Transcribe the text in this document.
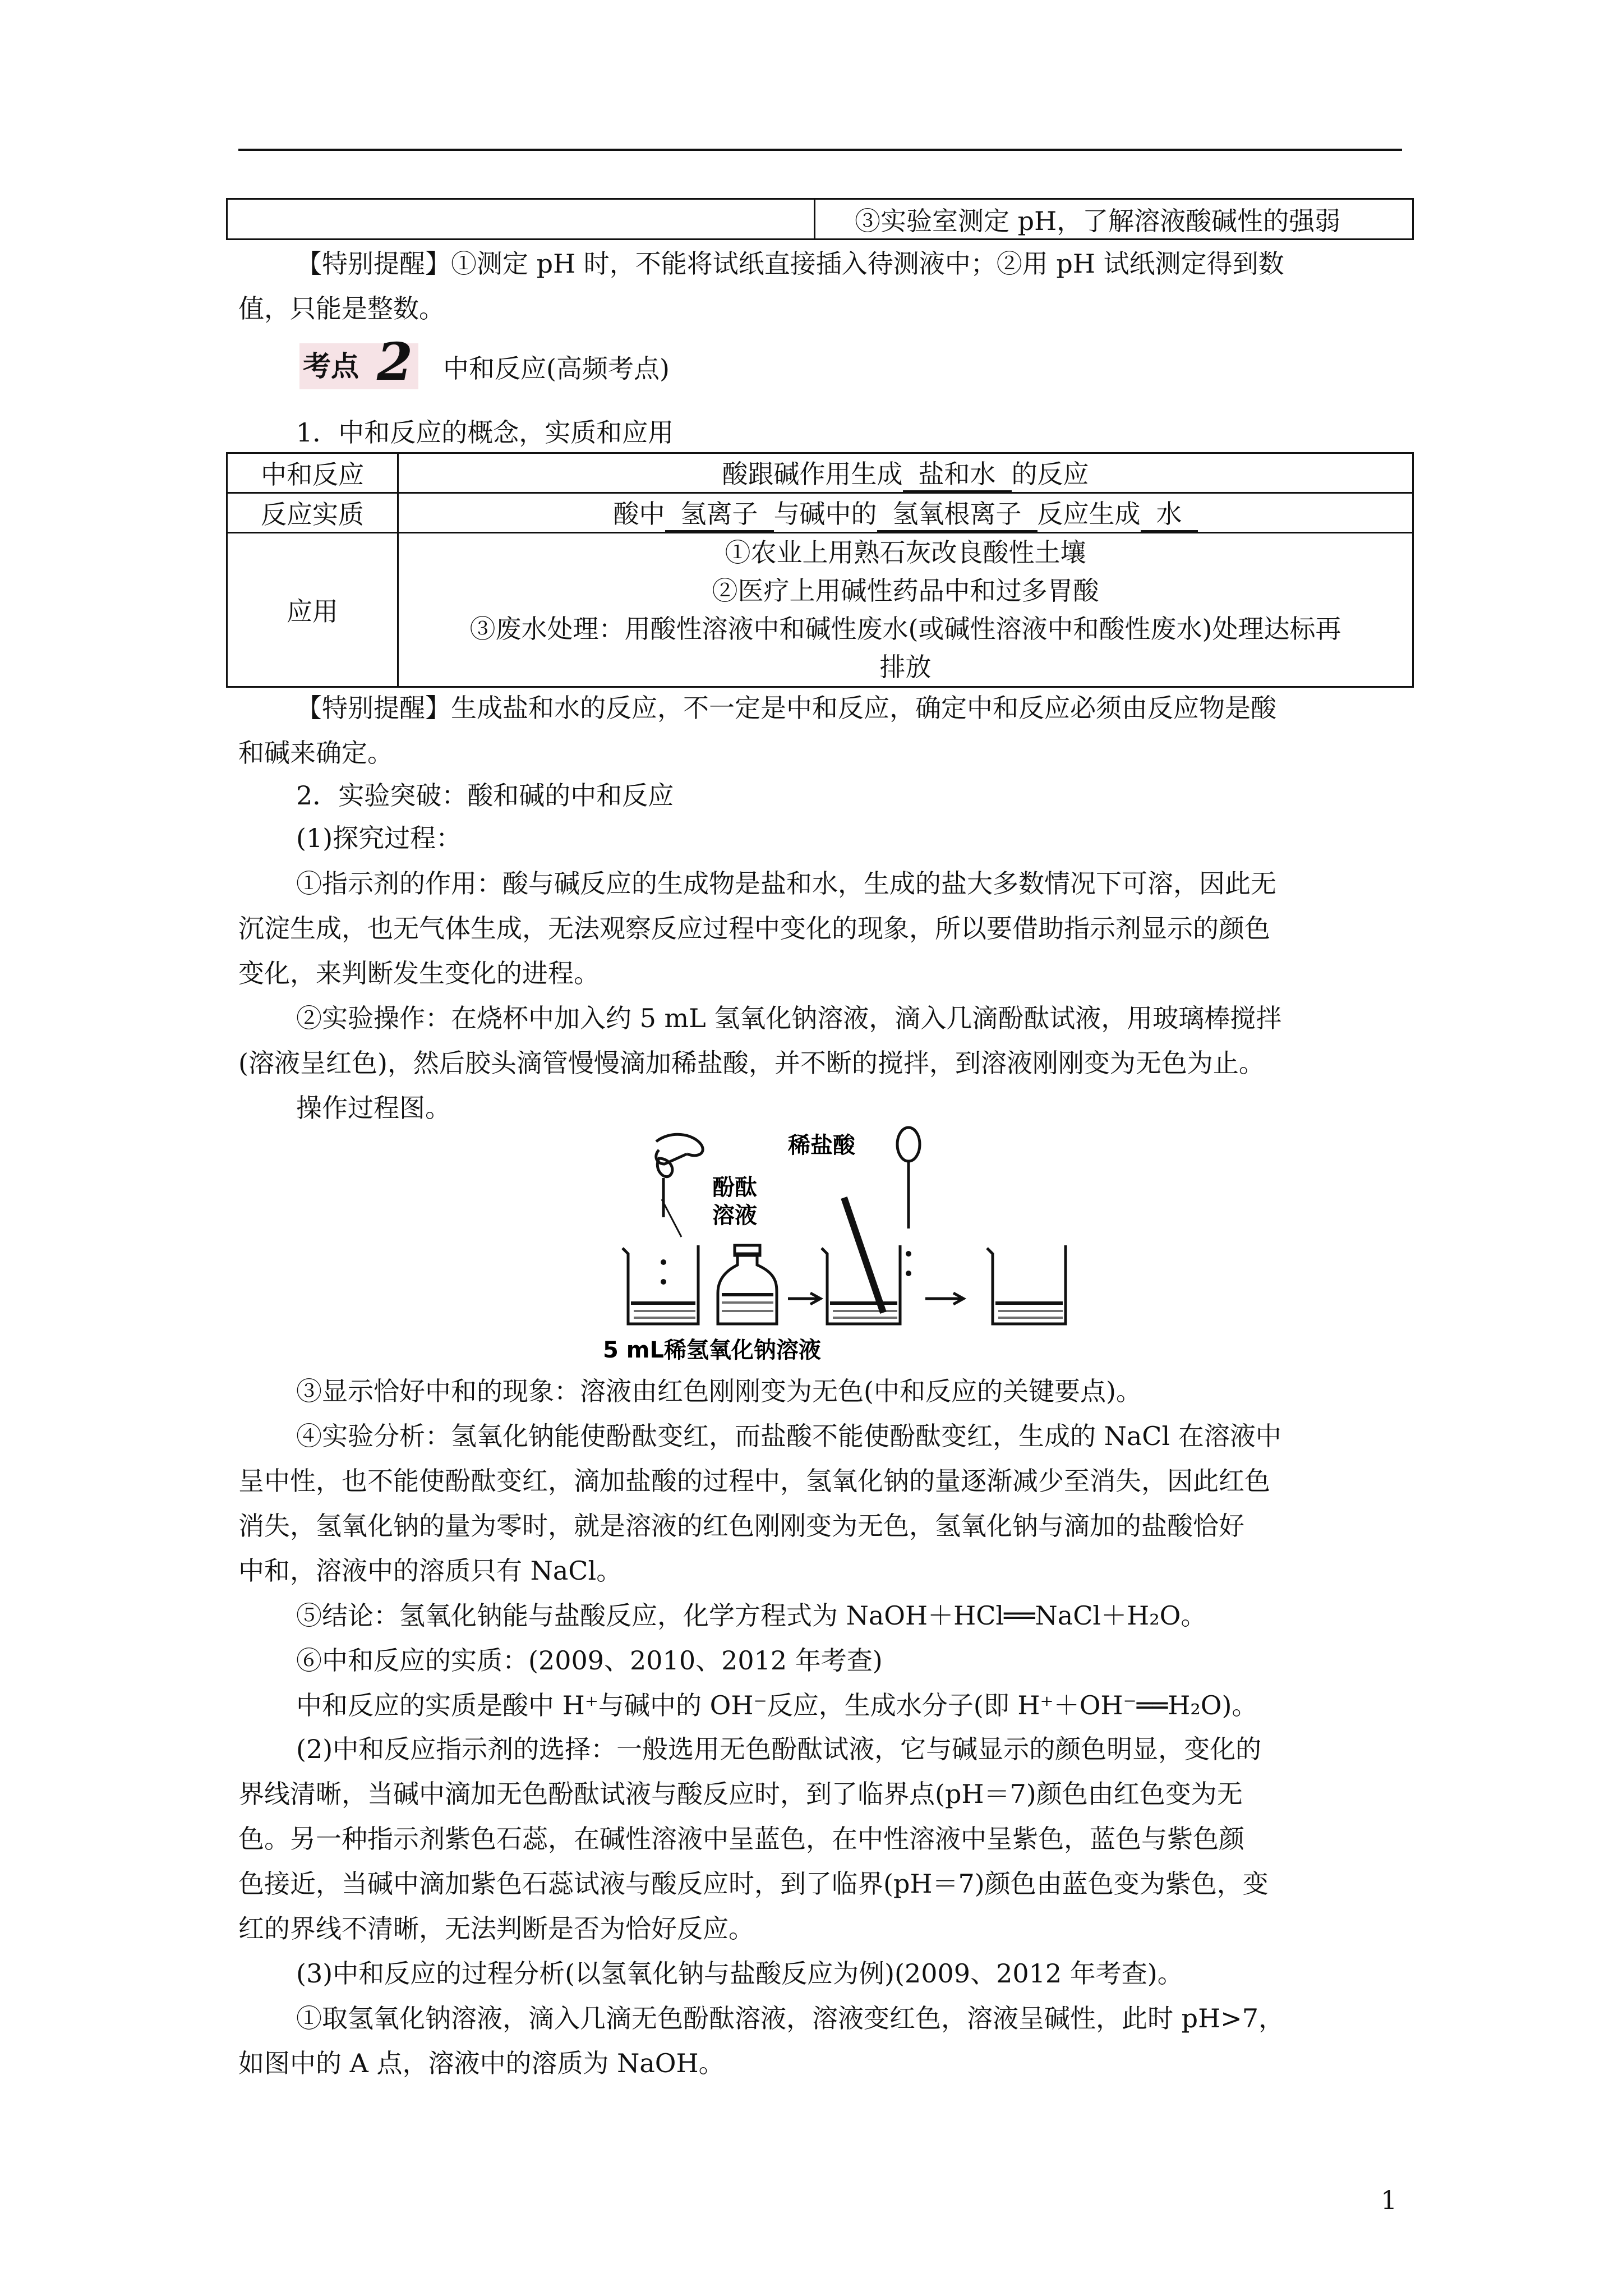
	③实验室测定 pH，了解溶液酸碱性的强弱
【特别提醒】①测定 pH 时，不能将试纸直接插入待测液中；②用 pH 试纸测定得到数
值，只能是整数。
考点 2 中和反应(高频考点)
1．中和反应的概念，实质和应用
中和反应	酸跟碱作用生成 盐和水 的反应
反应实质	酸中 氢离子 与碱中的 氢氧根离子 反应生成 水
应用	①农业上用熟石灰改良酸性土壤
②医疗上用碱性药品中和过多胃酸
③废水处理：用酸性溶液中和碱性废水(或碱性溶液中和酸性废水)处理达标再
排放
【特别提醒】生成盐和水的反应，不一定是中和反应，确定中和反应必须由反应物是酸
和碱来确定。
2．实验突破：酸和碱的中和反应
(1)探究过程：
①指示剂的作用：酸与碱反应的生成物是盐和水，生成的盐大多数情况下可溶，因此无
沉淀生成，也无气体生成，无法观察反应过程中变化的现象，所以要借助指示剂显示的颜色
变化，来判断发生变化的进程。
②实验操作：在烧杯中加入约 5 mL 氢氧化钠溶液，滴入几滴酚酞试液，用玻璃棒搅拌
(溶液呈红色)，然后胶头滴管慢慢滴加稀盐酸，并不断的搅拌，到溶液刚刚变为无色为止。
操作过程图。
稀盐酸
酚酞
溶液
5 mL稀氢氧化钠溶液
③显示恰好中和的现象：溶液由红色刚刚变为无色(中和反应的关键要点)。
④实验分析：氢氧化钠能使酚酞变红，而盐酸不能使酚酞变红，生成的 NaCl 在溶液中
呈中性，也不能使酚酞变红，滴加盐酸的过程中，氢氧化钠的量逐渐减少至消失，因此红色
消失，氢氧化钠的量为零时，就是溶液的红色刚刚变为无色，氢氧化钠与滴加的盐酸恰好
中和，溶液中的溶质只有 NaCl。
⑤结论：氢氧化钠能与盐酸反应，化学方程式为 NaOH＋HCl══NaCl＋H₂O。
⑥中和反应的实质：(2009、2010、2012 年考查)
中和反应的实质是酸中 H⁺与碱中的 OH⁻反应，生成水分子(即 H⁺＋OH⁻══H₂O)。
(2)中和反应指示剂的选择：一般选用无色酚酞试液，它与碱显示的颜色明显，变化的
界线清晰，当碱中滴加无色酚酞试液与酸反应时，到了临界点(pH＝7)颜色由红色变为无
色。另一种指示剂紫色石蕊，在碱性溶液中呈蓝色，在中性溶液中呈紫色，蓝色与紫色颜
色接近，当碱中滴加紫色石蕊试液与酸反应时，到了临界(pH＝7)颜色由蓝色变为紫色，变
红的界线不清晰，无法判断是否为恰好反应。
(3)中和反应的过程分析(以氢氧化钠与盐酸反应为例)(2009、2012 年考查)。
①取氢氧化钠溶液，滴入几滴无色酚酞溶液，溶液变红色，溶液呈碱性，此时 pH>7，
如图中的 A 点，溶液中的溶质为 NaOH。
1
